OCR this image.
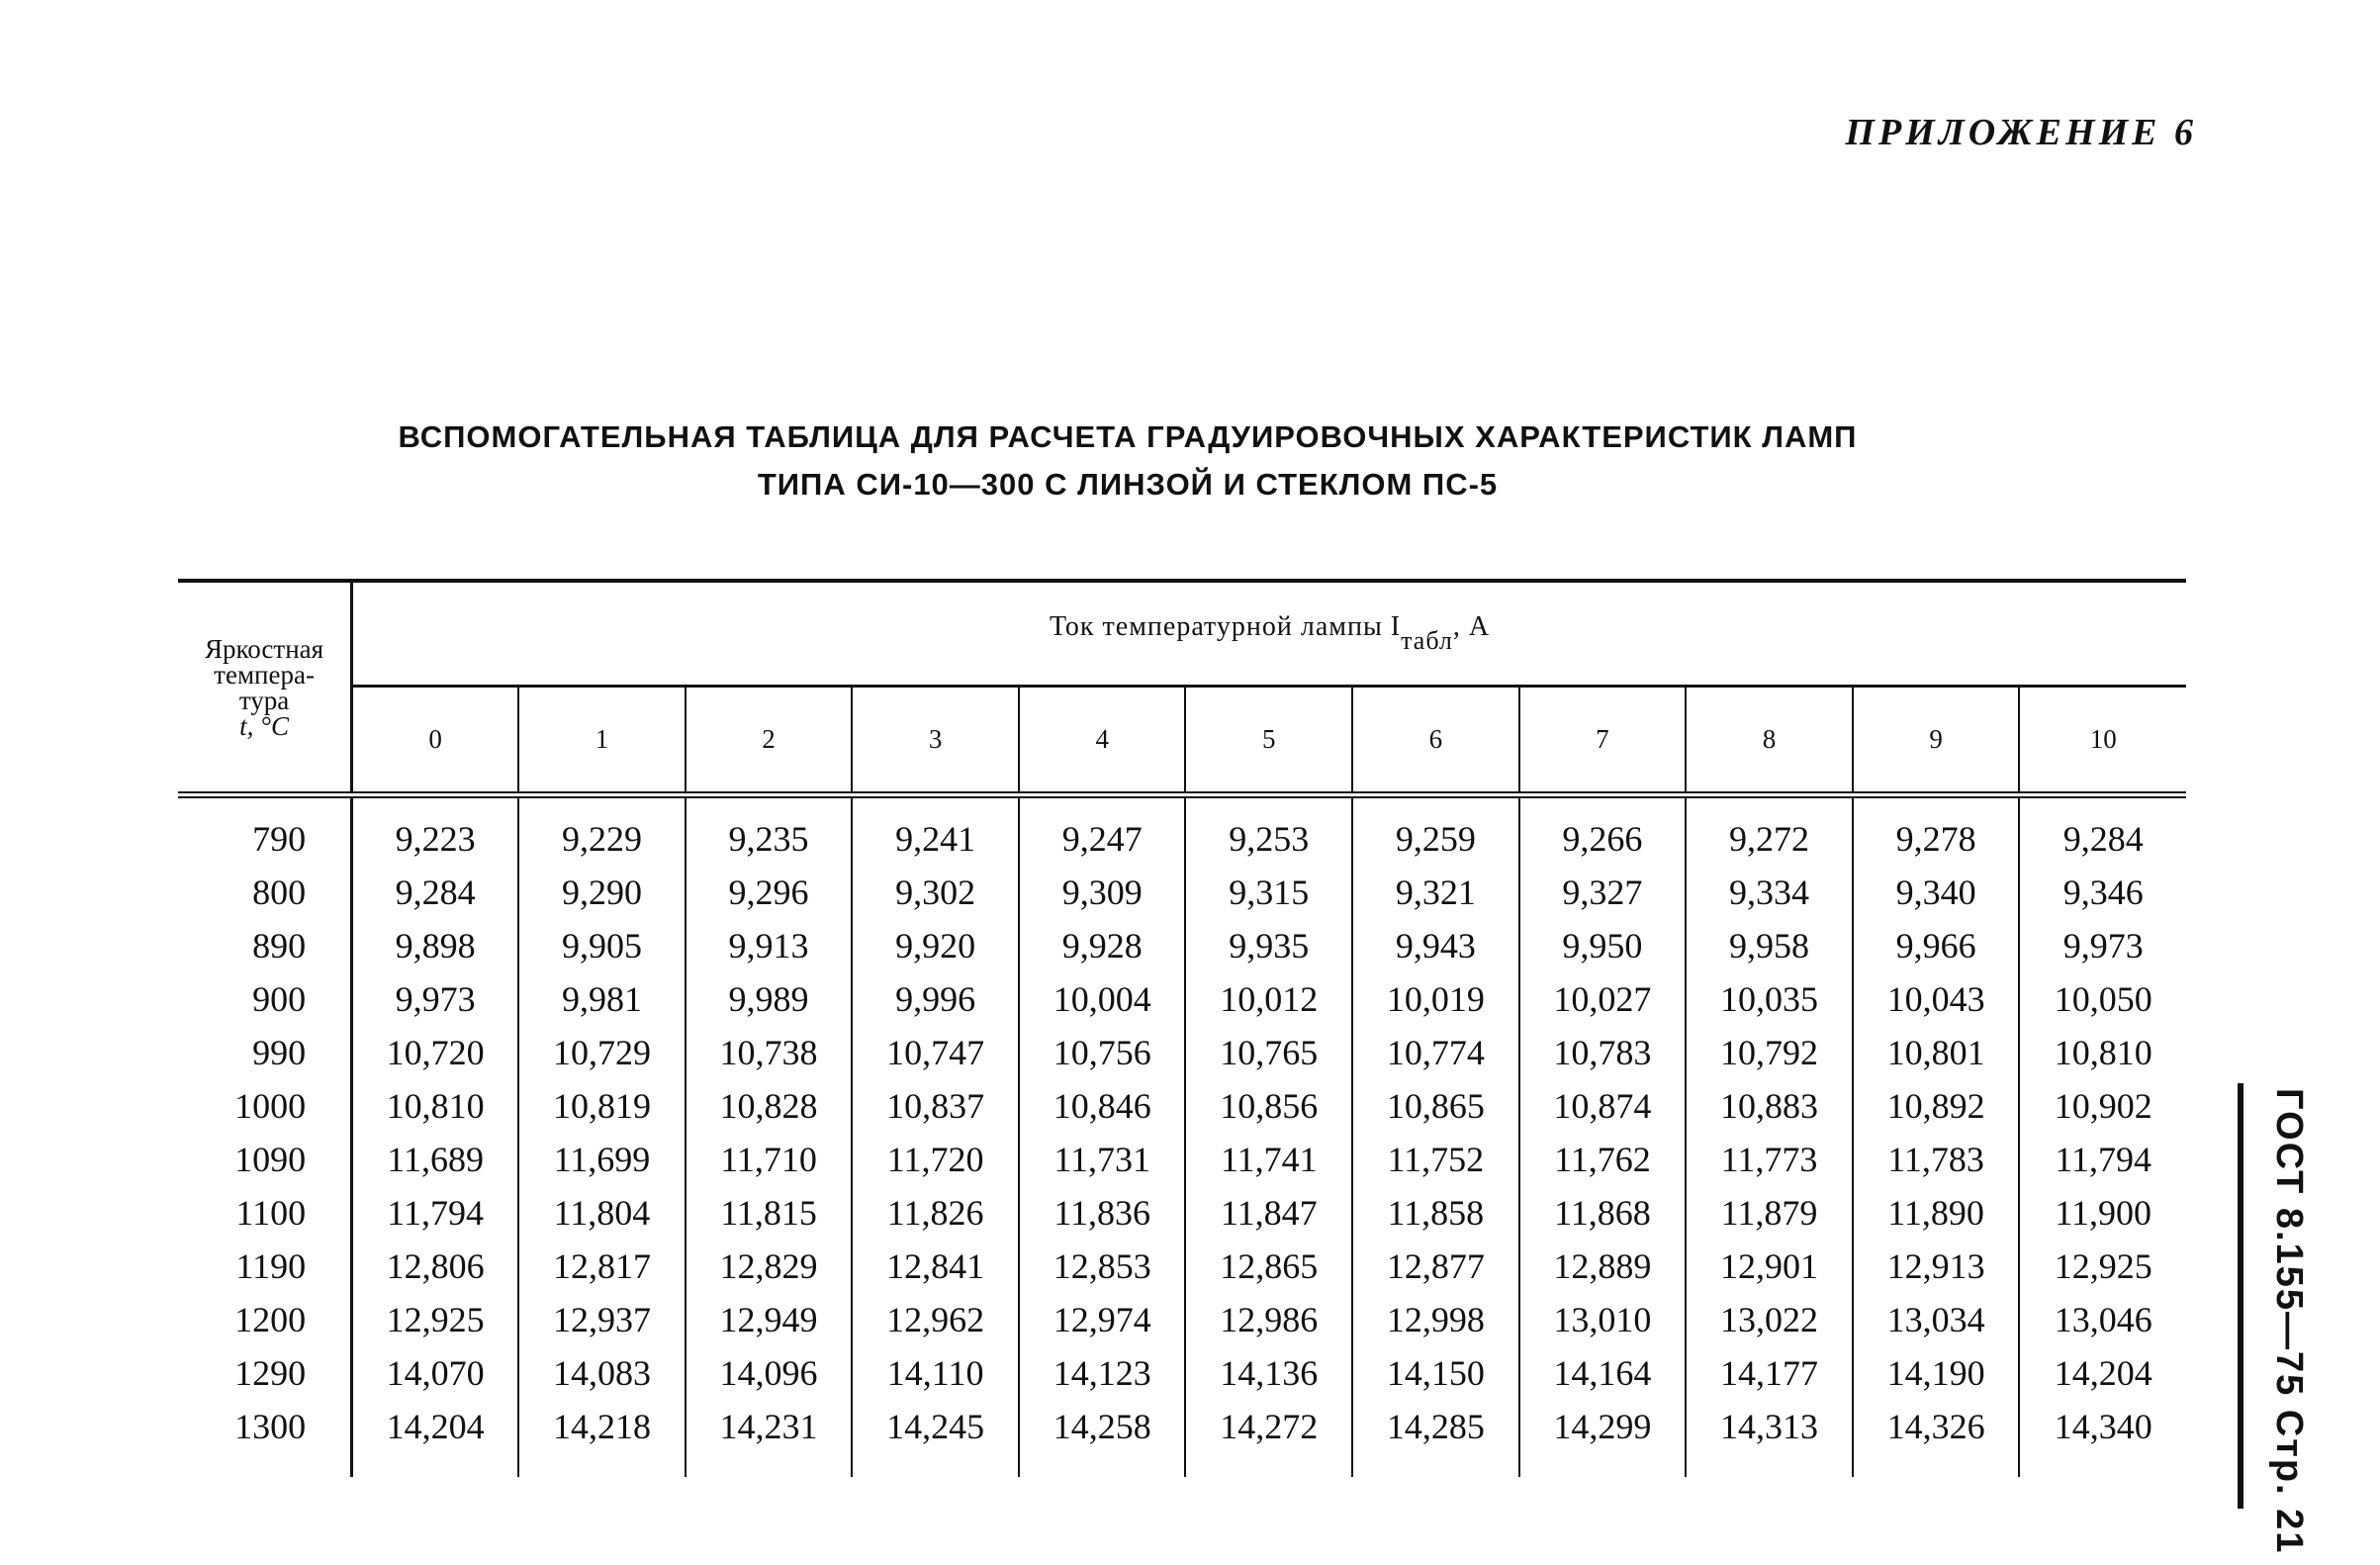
ПРИЛОЖЕНИЕ 6
ВСПОМОГАТЕЛЬНАЯ ТАБЛИЦА ДЛЯ РАСЧЕТА ГРАДУИРОВОЧНЫХ ХАРАКТЕРИСТИК ЛАМП
ТИПА СИ-10—300 С ЛИНЗОЙ И СТЕКЛОМ ПС-5
Яркостная
темпера-
тура
t, °С	Ток температурной лампы $I_{табл}$, А										
	0	1	2	3	4	5	6	7	8	9	10
790	9,223	9,229	9,235	9,241	9,247	9,253	9,259	9,266	9,272	9,278	9,284
800	9,284	9,290	9,296	9,302	9,309	9,315	9,321	9,327	9,334	9,340	9,346
890	9,898	9,905	9,913	9,920	9,928	9,935	9,943	9,950	9,958	9,966	9,973
900	9,973	9,981	9,989	9,996	10,004	10,012	10,019	10,027	10,035	10,043	10,050
990	10,720	10,729	10,738	10,747	10,756	10,765	10,774	10,783	10,792	10,801	10,810
1000	10,810	10,819	10,828	10,837	10,846	10,856	10,865	10,874	10,883	10,892	10,902
1090	11,689	11,699	11,710	11,720	11,731	11,741	11,752	11,762	11,773	11,783	11,794
1100	11,794	11,804	11,815	11,826	11,836	11,847	11,858	11,868	11,879	11,890	11,900
1190	12,806	12,817	12,829	12,841	12,853	12,865	12,877	12,889	12,901	12,913	12,925
1200	12,925	12,937	12,949	12,962	12,974	12,986	12,998	13,010	13,022	13,034	13,046
1290	14,070	14,083	14,096	14,110	14,123	14,136	14,150	14,164	14,177	14,190	14,204
1300	14,204	14,218	14,231	14,245	14,258	14,272	14,285	14,299	14,313	14,326	14,340	ГОСТ 8.155—75 Стр. 21
